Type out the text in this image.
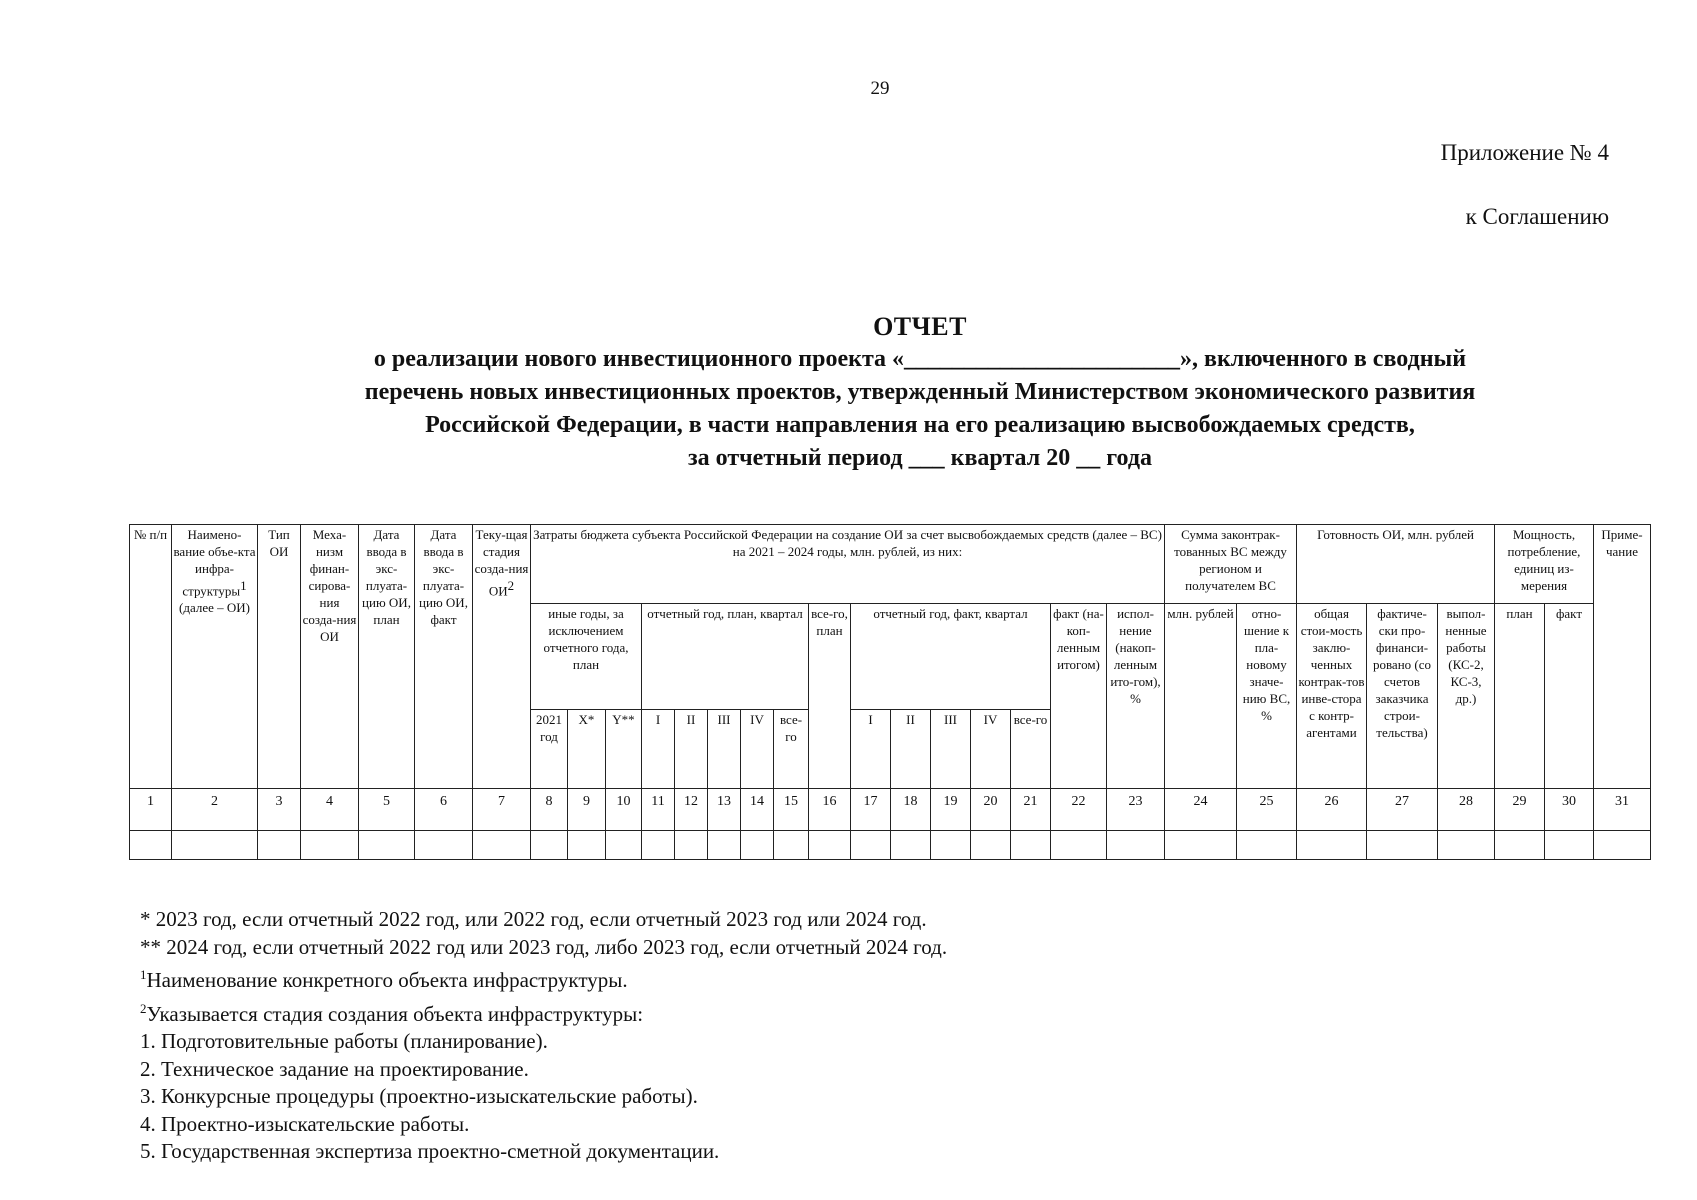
29
Приложение № 4
к Соглашению
ОТЧЕТ
о реализации нового инвестиционного проекта «_______________________», включенного в сводный
перечень новых инвестиционных проектов, утвержденный Министерством экономического развития
Российской Федерации, в части направления на его реализацию высвобождаемых средств,
за отчетный период ___ квартал 20 __ года
№ п/п	Наимено-вание объе-кта инфра-структуры$^1$ (далее – ОИ)	Тип ОИ	Меха-низм финан-сирова-ния созда-ния ОИ	Дата ввода в экс-плуата-цию ОИ, план	Дата ввода в экс-плуата-цию ОИ, факт	Теку-щая стадия созда-ния $ОИ^2$	Затраты бюджета субъекта Российской Федерации на создание ОИ за счет высвобождаемых средств (далее – ВС) на 2021 – 2024 годы, млн. рублей, из них:																Сумма законтрак-тованных ВС между регионом и получателем ВС		Готовность ОИ, млн. рублей			Мощность, потребление, единиц из-мерения		Приме-чание
							иные годы, за исключением отчетного года, план			отчетный год, план, квартал					все-го, план	отчетный год, факт, квартал					факт (на-коп-ленным итогом)	испол-нение (накоп-ленным ито-гом), %	млн. рублей	отно-шение к пла-новому значе-нию ВС, %	общая стои-мость заклю-ченных контрак-тов инве-стора с контр-агентами	фактиче-ски про-финанси-ровано (со счетов заказчика строи-тельства)	выпол-ненные работы (КС-2, КС-3, др.)	план	факт	
							2021 год	X*	Y**	I	II	III	IV	все-го		I	II	III	IV	все-го										
1	2	3	4	5	6	7	8	9	10	11	12	13	14	15	16	17	18	19	20	21	22	23	24	25	26	27	28	29	30	31

* 2023 год, если отчетный 2022 год, или 2022 год, если отчетный 2023 год или 2024 год.
** 2024 год, если отчетный 2022 год или 2023 год, либо 2023 год, если отчетный 2024 год.
$^1$Наименование конкретного объекта инфраструктуры.
$^2$Указывается стадия создания объекта инфраструктуры:
1. Подготовительные работы (планирование).
2. Техническое задание на проектирование.
3. Конкурсные процедуры (проектно-изыскательские работы).
4. Проектно-изыскательские работы.
5. Государственная экспертиза проектно-сметной документации.
